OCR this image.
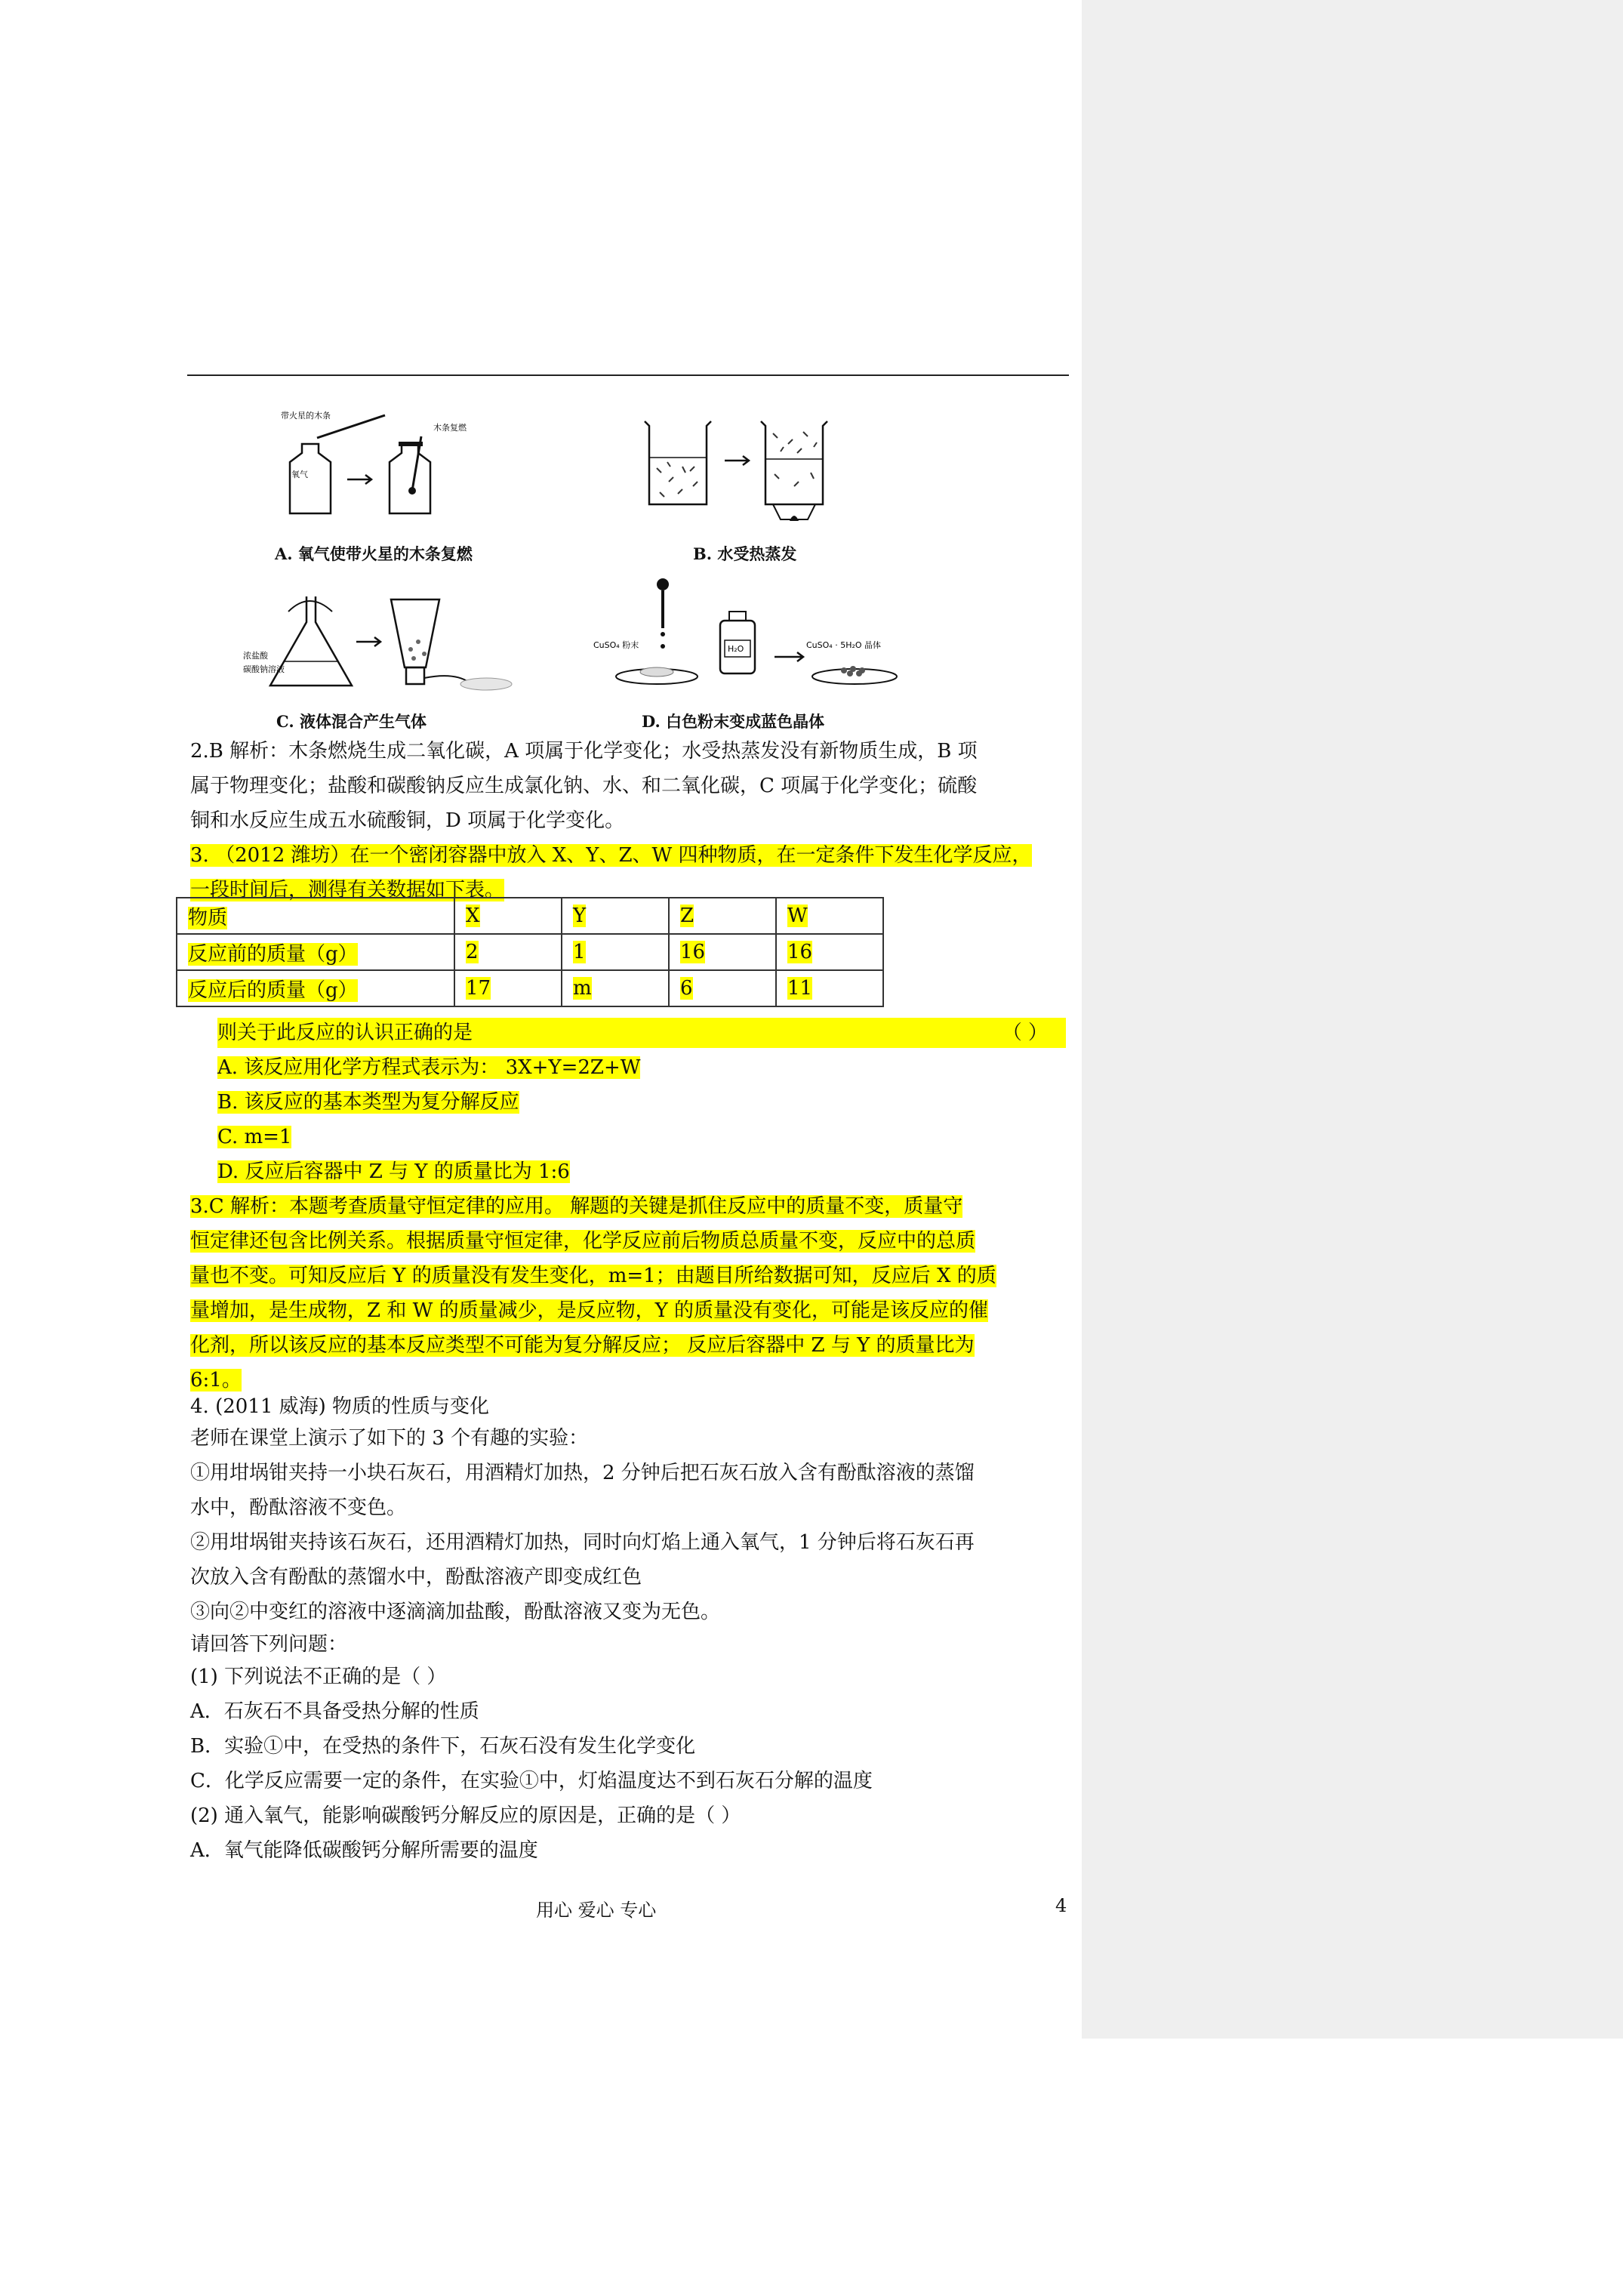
带火星的木条
氧气
木条复燃
A. 氧气使带火星的木条复燃	B. 水受热蒸发
浓盐酸
碳酸钠溶液
C. 液体混合产生气体
CuSO₄ 粉末	H₂O	CuSO₄ · 5H₂O 晶体
D. 白色粉末变成蓝色晶体
2.B 解析：木条燃烧生成二氧化碳，A 项属于化学变化；水受热蒸发没有新物质生成，B 项
属于物理变化；盐酸和碳酸钠反应生成氯化钠、水、和二氧化碳，C 项属于化学变化；硫酸
铜和水反应生成五水硫酸铜，D 项属于化学变化。
3. （2012 潍坊）在一个密闭容器中放入 X、Y、Z、W 四种物质，在一定条件下发生化学反应，
一段时间后，测得有关数据如下表。
物质	X	Y	Z	W
反应前的质量（g）	2	1	16	16
反应后的质量（g）	17	m	6	11
则关于此反应的认识正确的是	（ ）
A. 该反应用化学方程式表示为： 3X+Y=2Z+W
B. 该反应的基本类型为复分解反应
C. m=1
D. 反应后容器中 Z 与 Y 的质量比为 1:6
3.C 解析：本题考查质量守恒定律的应用。 解题的关键是抓住反应中的质量不变，质量守
恒定律还包含比例关系。根据质量守恒定律，化学反应前后物质总质量不变，反应中的总质
量也不变。可知反应后 Y 的质量没有发生变化，m=1；由题目所给数据可知，反应后 X 的质
量增加，是生成物，Z 和 W 的质量减少，是反应物，Y 的质量没有变化，可能是该反应的催
化剂，所以该反应的基本反应类型不可能为复分解反应； 反应后容器中 Z 与 Y 的质量比为
6:1。
4. (2011 威海) 物质的性质与变化
老师在课堂上演示了如下的 3 个有趣的实验：
①用坩埚钳夹持一小块石灰石，用酒精灯加热，2 分钟后把石灰石放入含有酚酞溶液的蒸馏
水中，酚酞溶液不变色。
②用坩埚钳夹持该石灰石，还用酒精灯加热，同时向灯焰上通入氧气，1 分钟后将石灰石再
次放入含有酚酞的蒸馏水中，酚酞溶液产即变成红色
③向②中变红的溶液中逐滴滴加盐酸，酚酞溶液又变为无色。
请回答下列问题：
(1) 下列说法不正确的是（ ）
A．石灰石不具备受热分解的性质
B．实验①中，在受热的条件下，石灰石没有发生化学变化
C．化学反应需要一定的条件，在实验①中，灯焰温度达不到石灰石分解的温度
(2) 通入氧气，能影响碳酸钙分解反应的原因是，正确的是（ ）
A．氧气能降低碳酸钙分解所需要的温度
用心 爱心 专心	4
